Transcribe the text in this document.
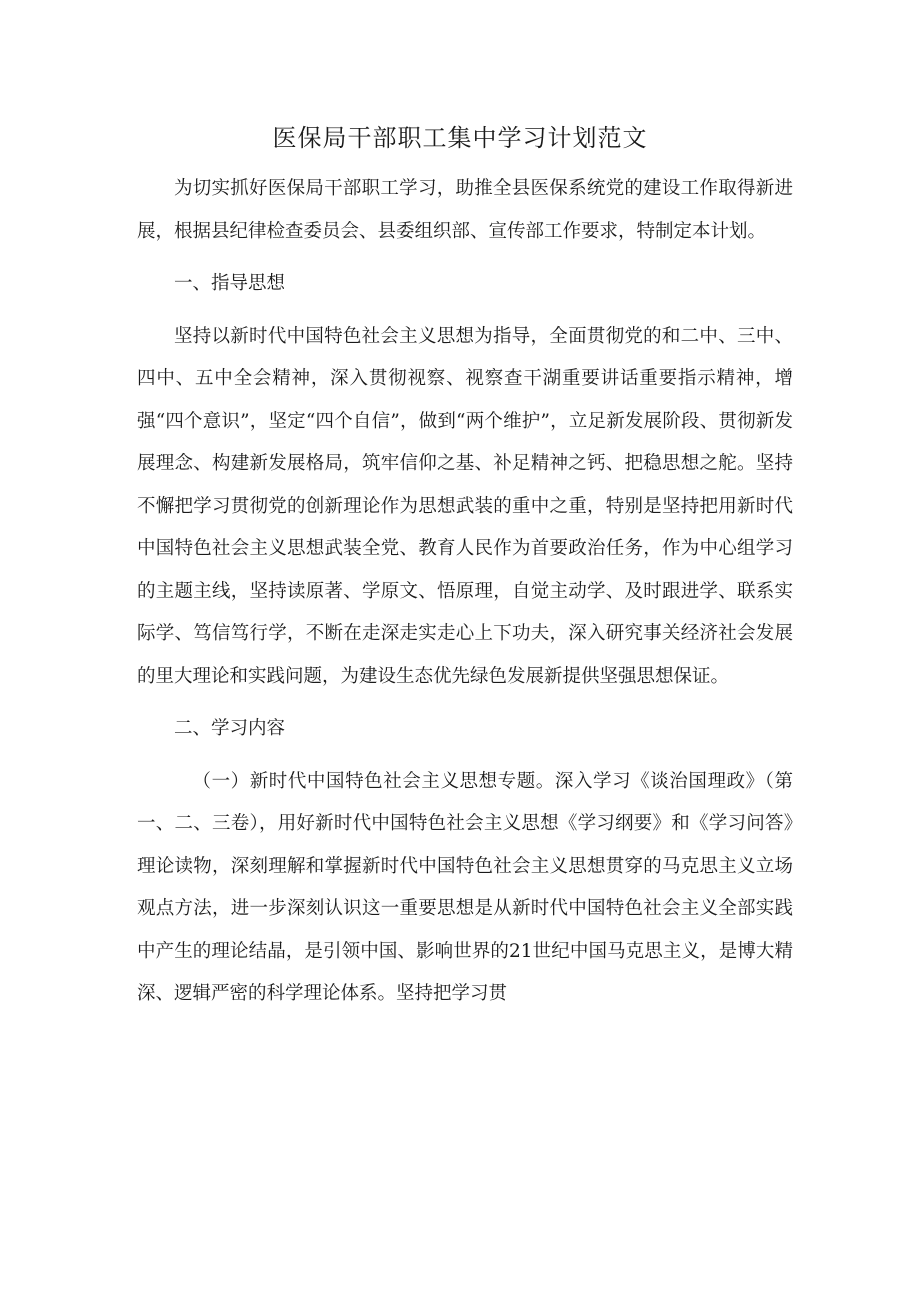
医保局干部职工集中学习计划范文

为切实抓好医保局干部职工学习，助推全县医保系统党的建设工作取得新进展，根据县纪律检查委员会、县委组织部、宣传部工作要求，特制定本计划。

一、指导思想

坚持以新时代中国特色社会主义思想为指导，全面贯彻党的和二中、三中、四中、五中全会精神，深入贯彻视察、视察查干湖重要讲话重要指示精神，增强“四个意识”，坚定“四个自信”，做到“两个维护”，立足新发展阶段、贯彻新发展理念、构建新发展格局，筑牢信仰之基、补足精神之钙、把稳思想之舵。坚持不懈把学习贯彻党的创新理论作为思想武装的重中之重，特别是坚持把用新时代中国特色社会主义思想武装全党、教育人民作为首要政治任务，作为中心组学习的主题主线，坚持读原著、学原文、悟原理，自觉主动学、及时跟进学、联系实际学、笃信笃行学，不断在走深走实走心上下功夫，深入研究事关经济社会发展的里大理论和实践问题，为建设生态优先绿色发展新提供坚强思想保证。

二、学习内容

（一）新时代中国特色社会主义思想专题。深入学习《谈治国理政》（第一、二、三卷），用好新时代中国特色社会主义思想《学习纲要》和《学习问答》理论读物，深刻理解和掌握新时代中国特色社会主义思想贯穿的马克思主义立场观点方法，进一步深刻认识这一重要思想是从新时代中国特色社会主义全部实践中产生的理论结晶，是引领中国、影响世界的21世纪中国马克思主义，是博大精深、逻辑严密的科学理论体系。坚持把学习贯
